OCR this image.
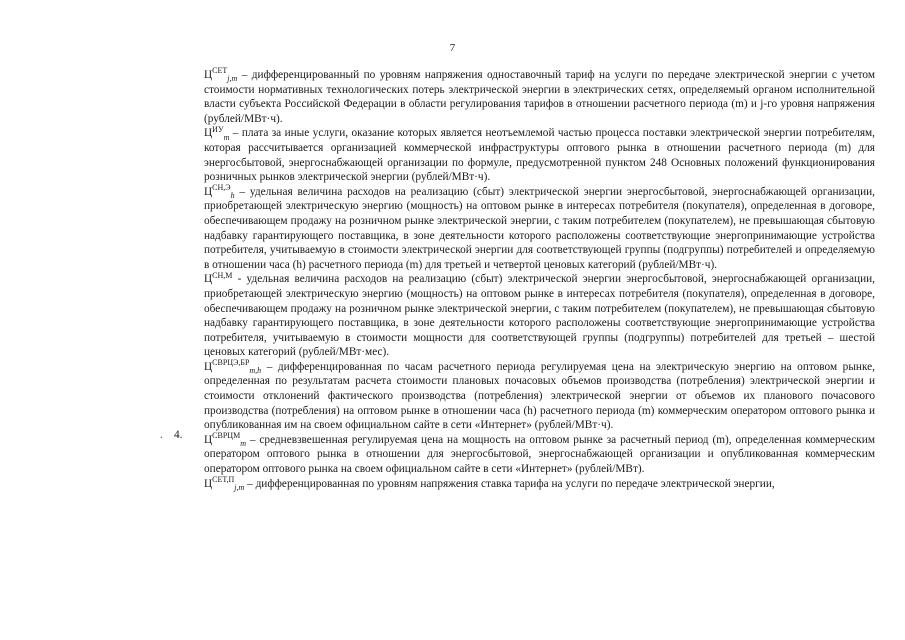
7
. 4.

$Ц^{СЕТ}_{j,m}$ – дифференцированный по уровням напряжения одноставочный тариф на услуги по передаче электрической энергии с учетом стоимости нормативных технологических потерь электрической энергии в электрических сетях, определяемый органом исполнительной власти субъекта Российской Федерации в области регулирования тарифов в отношении расчетного периода (m) и j-го уровня напряжения (рублей/МВт·ч).

$Ц^{ИУ}_m$ – плата за иные услуги, оказание которых является неотъемлемой частью процесса поставки электрической энергии потребителям, которая рассчитывается организацией коммерческой инфраструктуры оптового рынка в отношении расчетного периода (m) для энергосбытовой, энергоснабжающей организации по формуле, предусмотренной пунктом 248 Основных положений функционирования розничных рынков электрической энергии (рублей/МВт·ч).

$Ц^{СН,Э}_h$ – удельная величина расходов на реализацию (сбыт) электрической энергии энергосбытовой, энергоснабжающей организации, приобретающей электрическую энергию (мощность) на оптовом рынке в интересах потребителя (покупателя), определенная в договоре, обеспечивающем продажу на розничном рынке электрической энергии, с таким потребителем (покупателем), не превышающая сбытовую надбавку гарантирующего поставщика, в зоне деятельности которого расположены соответствующие энергопринимающие устройства потребителя, учитываемую в стоимости электрической энергии для соответствующей группы (подгруппы) потребителей и определяемую в отношении часа (h) расчетного периода (m) для третьей и четвертой ценовых категорий (рублей/МВт·ч).

$Ц^{СН,М}$ - удельная величина расходов на реализацию (сбыт) электрической энергии энергосбытовой, энергоснабжающей организации, приобретающей электрическую энергию (мощность) на оптовом рынке в интересах потребителя (покупателя), определенная в договоре, обеспечивающем продажу на розничном рынке электрической энергии, с таким потребителем (покупателем), не превышающая сбытовую надбавку гарантирующего поставщика, в зоне деятельности которого расположены соответствующие энергопринимающие устройства потребителя, учитываемую в стоимости мощности для соответствующей группы (подгруппы) потребителей для третьей – шестой ценовых категорий (рублей/МВт·мес).

$Ц^{СВРЦЭ,БР}_{m,h}$ – дифференцированная по часам расчетного периода регулируемая цена на электрическую энергию на оптовом рынке, определенная по результатам расчета стоимости плановых почасовых объемов производства (потребления) электрической энергии и стоимости отклонений фактического производства (потребления) электрической энергии от объемов их планового почасового производства (потребления) на оптовом рынке в отношении часа (h) расчетного периода (m) коммерческим оператором оптового рынка и опубликованная им на своем официальном сайте в сети «Интернет» (рублей/МВт·ч).

$Ц^{СВРЦМ}_m$ – средневзвешенная регулируемая цена на мощность на оптовом рынке за расчетный период (m), определенная коммерческим оператором оптового рынка в отношении для энергосбытовой, энергоснабжающей организации и опубликованная коммерческим оператором оптового рынка на своем официальном сайте в сети «Интернет» (рублей/МВт).

$Ц^{СЕТ,П}_{j,m}$ – дифференцированная по уровням напряжения ставка тарифа на услуги по передаче электрической энергии,
